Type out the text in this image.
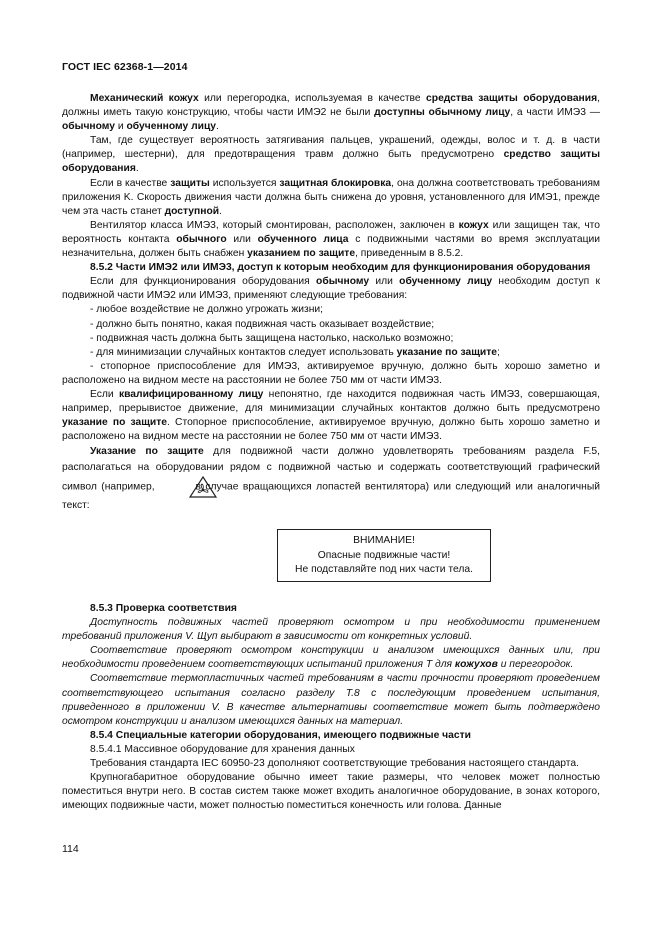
ГОСТ IEC 62368-1—2014

Механический кожух или перегородка, используемая в качестве средства защиты оборудования, должны иметь такую конструкцию, чтобы части ИМЭ2 не были доступны обычному лицу, а части ИМЭ3 — обычному и обученному лицу.

Там, где существует вероятность затягивания пальцев, украшений, одежды, волос и т. д. в части (например, шестерни), для предотвращения травм должно быть предусмотрено средство защиты оборудования.

Если в качестве защиты используется защитная блокировка, она должна соответствовать требованиям приложения K. Скорость движения части должна быть снижена до уровня, установленного для ИМЭ1, прежде чем эта часть станет доступной.

Вентилятор класса ИМЭ3, который смонтирован, расположен, заключен в кожух или защищен так, что вероятность контакта обычного или обученного лица с подвижными частями во время эксплуатации незначительна, должен быть снабжен указанием по защите, приведенным в 8.5.2.

8.5.2 Части ИМЭ2 или ИМЭ3, доступ к которым необходим для функционирования оборудования

Если для функционирования оборудования обычному или обученному лицу необходим доступ к подвижной части ИМЭ2 или ИМЭ3, применяют следующие требования:

- любое воздействие не должно угрожать жизни;

- должно быть понятно, какая подвижная часть оказывает воздействие;

- подвижная часть должна быть защищена настолько, насколько возможно;

- для минимизации случайных контактов следует использовать указание по защите;

- стопорное приспособление для ИМЭ3, активируемое вручную, должно быть хорошо заметно и расположено на видном месте на расстоянии не более 750 мм от части ИМЭ3.

Если квалифицированному лицу непонятно, где находится подвижная часть ИМЭ3, совершающая, например, прерывистое движение, для минимизации случайных контактов должно быть предусмотрено указание по защите. Стопорное приспособление, активируемое вручную, должно быть хорошо заметно и расположено на видном месте на расстоянии не более 750 мм от части ИМЭ3.

Указание по защите для подвижной части должно удовлетворять требованиям раздела F.5, располагаться на оборудовании рядом с подвижной частью и содержать соответствующий графический символ (например,	в случае вращающихся лопастей вентилятора) или следующий или аналогичный текст:

ВНИМАНИЕ!
Опасные подвижные части!
Не подставляйте под них части тела.

8.5.3 Проверка соответствия

Доступность подвижных частей проверяют осмотром и при необходимости применением требований приложения V. Щуп выбирают в зависимости от конкретных условий.

Соответствие проверяют осмотром конструкции и анализом имеющихся данных или, при необходимости проведением соответствующих испытаний приложения T для кожухов и перегородок.

Соответствие термопластичных частей требованиям в части прочности проверяют проведением соответствующего испытания согласно разделу T.8 с последующим проведением испытания, приведенного в приложении V. В качестве альтернативы соответствие может быть подтверждено осмотром конструкции и анализом имеющихся данных на материал.

8.5.4 Специальные категории оборудования, имеющего подвижные части

8.5.4.1 Массивное оборудование для хранения данных

Требования стандарта IEC 60950-23 дополняют соответствующие требования настоящего стандарта.

Крупногабаритное оборудование обычно имеет такие размеры, что человек может полностью поместиться внутри него. В состав систем также может входить аналогичное оборудование, в зонах которого, имеющих подвижные части, может полностью поместиться конечность или голова. Данные

114
